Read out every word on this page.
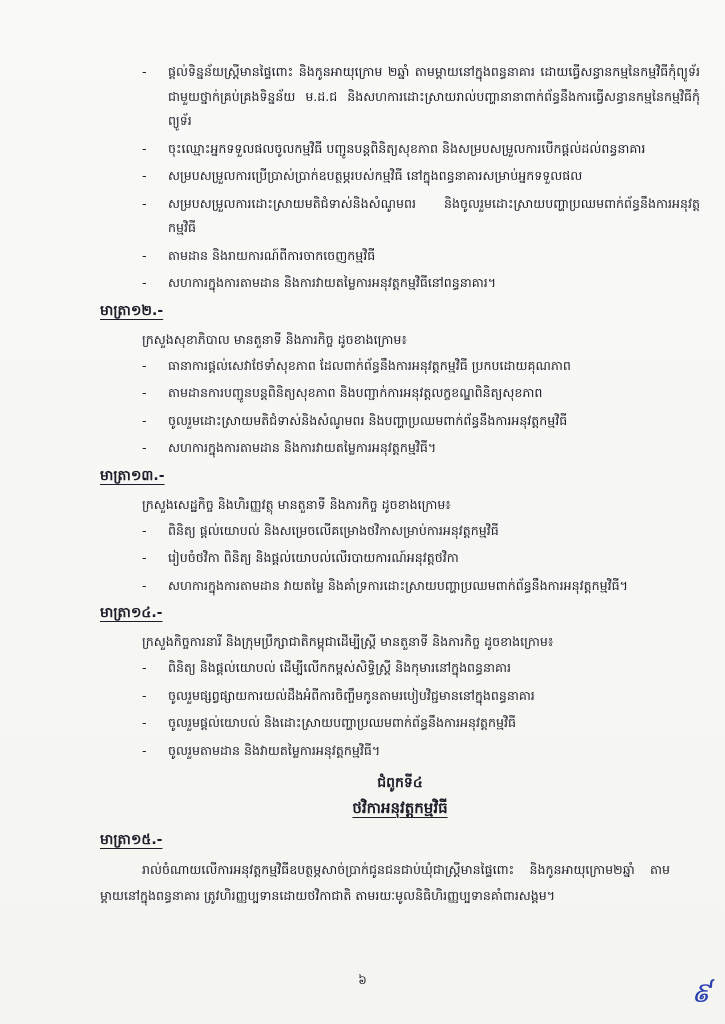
- ផ្តល់ទិន្នន័យស្ត្រីមានផ្ទៃពោះ និងកូនអាយុក្រោម ២ឆ្នាំ តាមម្តាយនៅក្នុងពន្ធនាគារ ដោយធ្វើសន្ធានកម្មនៃកម្មវិធីកុំព្យូទ័រ ជាមួយថ្នាក់គ្រប់គ្រងទិន្នន័យ ម.ដ.ជ និងសហការដោះស្រាយរាល់បញ្ហានានាពាក់ព័ន្ធនឹងការធ្វើសន្ធានកម្មនៃកម្មវិធីកុំព្យូទ័រ
- ចុះឈ្មោះអ្នកទទួលផលចូលកម្មវិធី បញ្ជូនបន្តពិនិត្យសុខភាព និងសម្របសម្រួលការបើកផ្តល់ដល់ពន្ធនាគារ
- សម្របសម្រួលការប្រើប្រាស់ប្រាក់ឧបត្ថម្ភរបស់កម្មវិធី នៅក្នុងពន្ធនាគារសម្រាប់អ្នកទទួលផល
- សម្របសម្រួលការដោះស្រាយមតិជំទាស់និងសំណូមពរ និងចូលរួមដោះស្រាយបញ្ហាប្រឈមពាក់ព័ន្ធនឹងការអនុវត្តកម្មវិធី
- តាមដាន និងរាយការណ៍ពីការចាកចេញកម្មវិធី
- សហការក្នុងការតាមដាន និងការវាយតម្លៃការអនុវត្តកម្មវិធីនៅពន្ធនាគារ។
មាត្រា១២.-

ក្រសួងសុខាភិបាល មានតួនាទី និងភារកិច្ច ដូចខាងក្រោម៖

- ធានាការផ្តល់សេវាថែទាំសុខភាព ដែលពាក់ព័ន្ធនឹងការអនុវត្តកម្មវិធី ប្រកបដោយគុណភាព
- តាមដានការបញ្ជូនបន្តពិនិត្យសុខភាព និងបញ្ជាក់ការអនុវត្តលក្ខខណ្ឌពិនិត្យសុខភាព
- ចូលរួមដោះស្រាយមតិជំទាស់និងសំណូមពរ និងបញ្ហាប្រឈមពាក់ព័ន្ធនឹងការអនុវត្តកម្មវិធី
- សហការក្នុងការតាមដាន និងការវាយតម្លៃការអនុវត្តកម្មវិធី។
មាត្រា១៣.-

ក្រសួងសេដ្ឋកិច្ច និងហិរញ្ញវត្ថុ មានតួនាទី និងភារកិច្ច ដូចខាងក្រោម៖

- ពិនិត្យ ផ្តល់យោបល់ និងសម្រេចលើគម្រោងថវិកាសម្រាប់ការអនុវត្តកម្មវិធី
- រៀបចំថវិកា ពិនិត្យ និងផ្តល់យោបល់លើរបាយការណ៍អនុវត្តថវិកា
- សហការក្នុងការតាមដាន វាយតម្លៃ និងគាំទ្រការដោះស្រាយបញ្ហាប្រឈមពាក់ព័ន្ធនឹងការអនុវត្តកម្មវិធី។
មាត្រា១៤.-

ក្រសួងកិច្ចការនារី និងក្រុមប្រឹក្សាជាតិកម្ពុជាដើម្បីស្ត្រី មានតួនាទី និងភារកិច្ច ដូចខាងក្រោម៖

- ពិនិត្យ និងផ្តល់យោបល់ ដើម្បីលើកកម្ពស់សិទ្ធិស្ត្រី និងកុមារនៅក្នុងពន្ធនាគារ
- ចូលរួមផ្សព្វផ្សាយការយល់ដឹងអំពីការចិញ្ចឹមកូនតាមរបៀបវិជ្ជមាននៅក្នុងពន្ធនាគារ
- ចូលរួមផ្តល់យោបល់ និងដោះស្រាយបញ្ហាប្រឈមពាក់ព័ន្ធនឹងការអនុវត្តកម្មវិធី
- ចូលរួមតាមដាន និងវាយតម្លៃការអនុវត្តកម្មវិធី។
ជំពូកទី៤
ថវិកាអនុវត្តកម្មវិធី
មាត្រា១៥.-

រាល់ចំណាយលើការអនុវត្តកម្មវិធីឧបត្ថម្ភសាច់ប្រាក់ជូនជនជាប់ឃុំជាស្ត្រីមានផ្ទៃពោះ និងកូនអាយុក្រោម២ឆ្នាំ តាមម្តាយនៅក្នុងពន្ធនាគារ ត្រូវហិរញ្ញប្បទានដោយថវិកាជាតិ តាមរយៈមូលនិធិហិរញ្ញប្បទានគាំពារសង្គម។

៦	៩
